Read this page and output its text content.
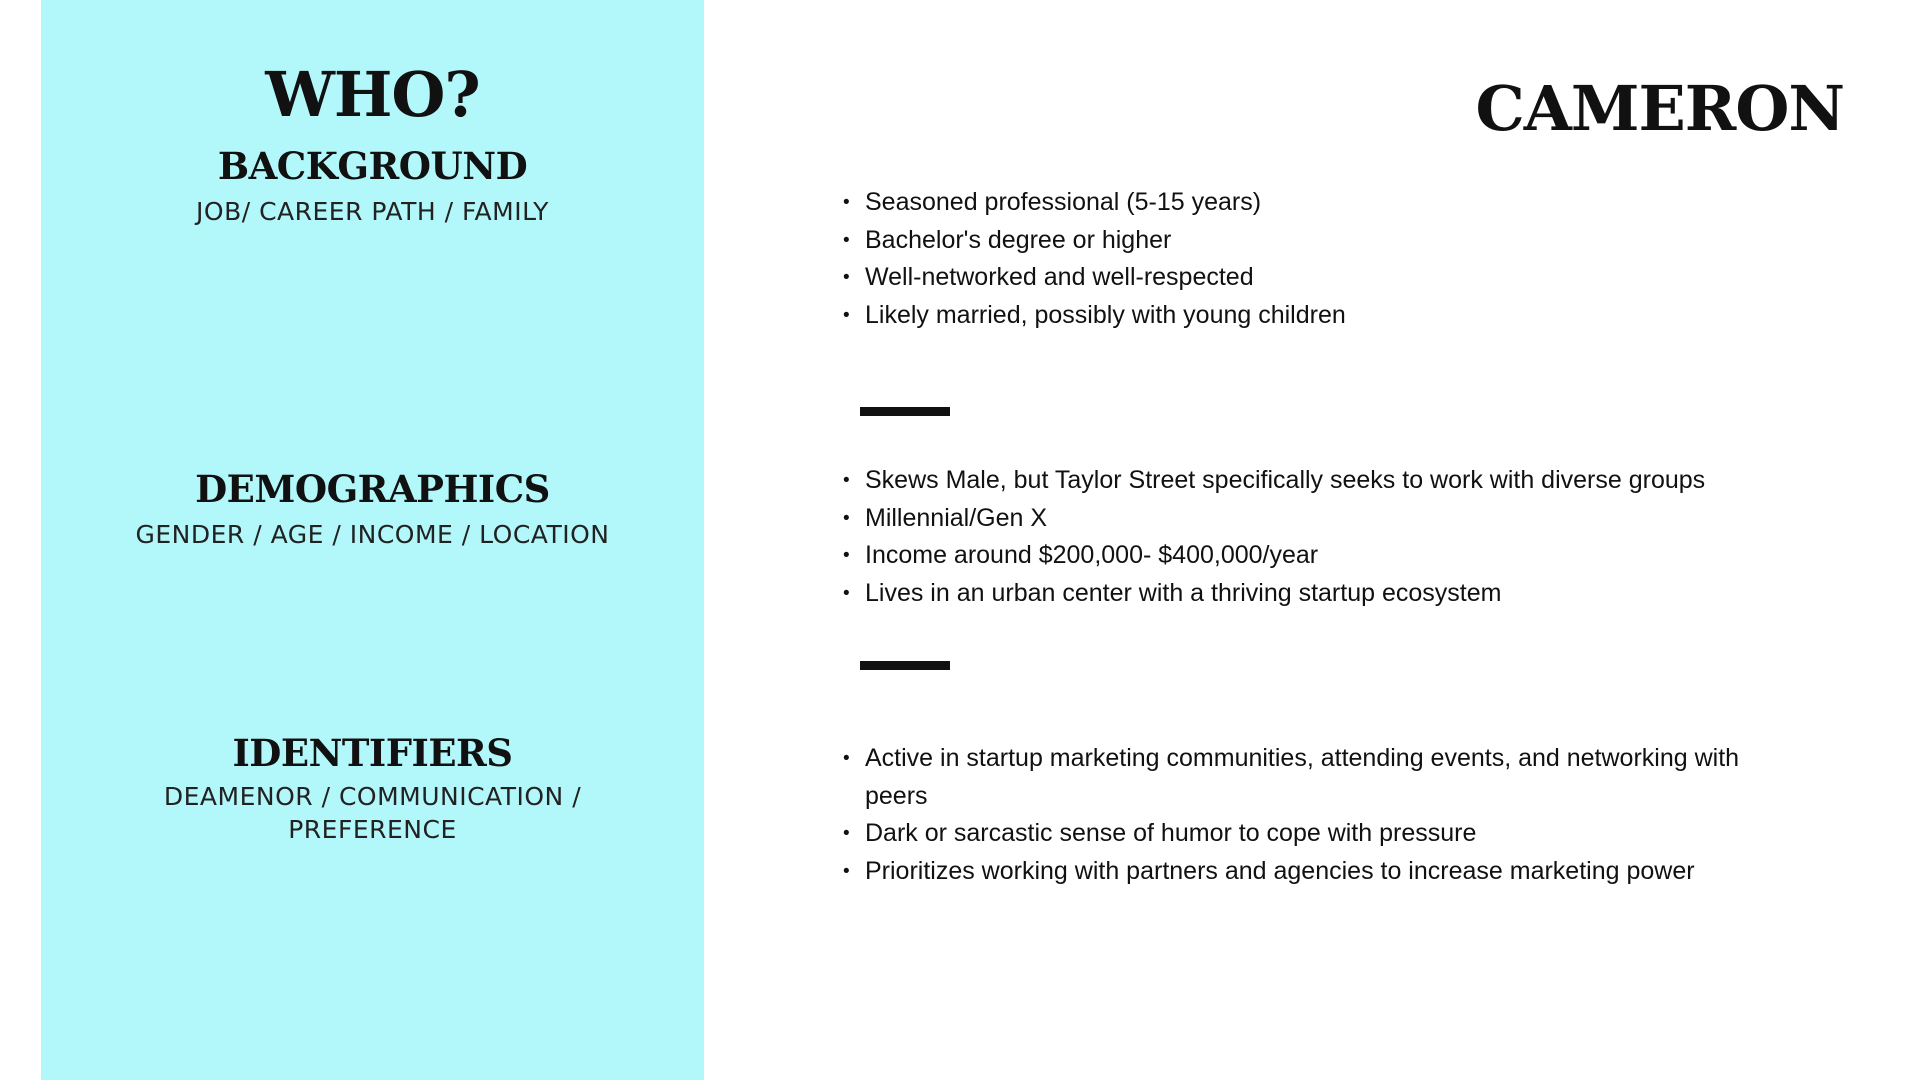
WHO?
BACKGROUND

JOB/ CAREER PATH / FAMILY

DEMOGRAPHICS

GENDER / AGE / INCOME / LOCATION

IDENTIFIERS

DEAMENOR / COMMUNICATION /

PREFERENCE

CAMERON
• Seasoned professional (5-15 years)
• Bachelor's degree or higher
• Well-networked and well-respected
• Likely married, possibly with young children
• Skews Male, but Taylor Street specifically seeks to work with diverse groups
• Millennial/Gen X
• Income around $200,000- $400,000/year
• Lives in an urban center with a thriving startup ecosystem
• Active in startup marketing communities, attending events, and networking with peers
• Dark or sarcastic sense of humor to cope with pressure
• Prioritizes working with partners and agencies to increase marketing power
